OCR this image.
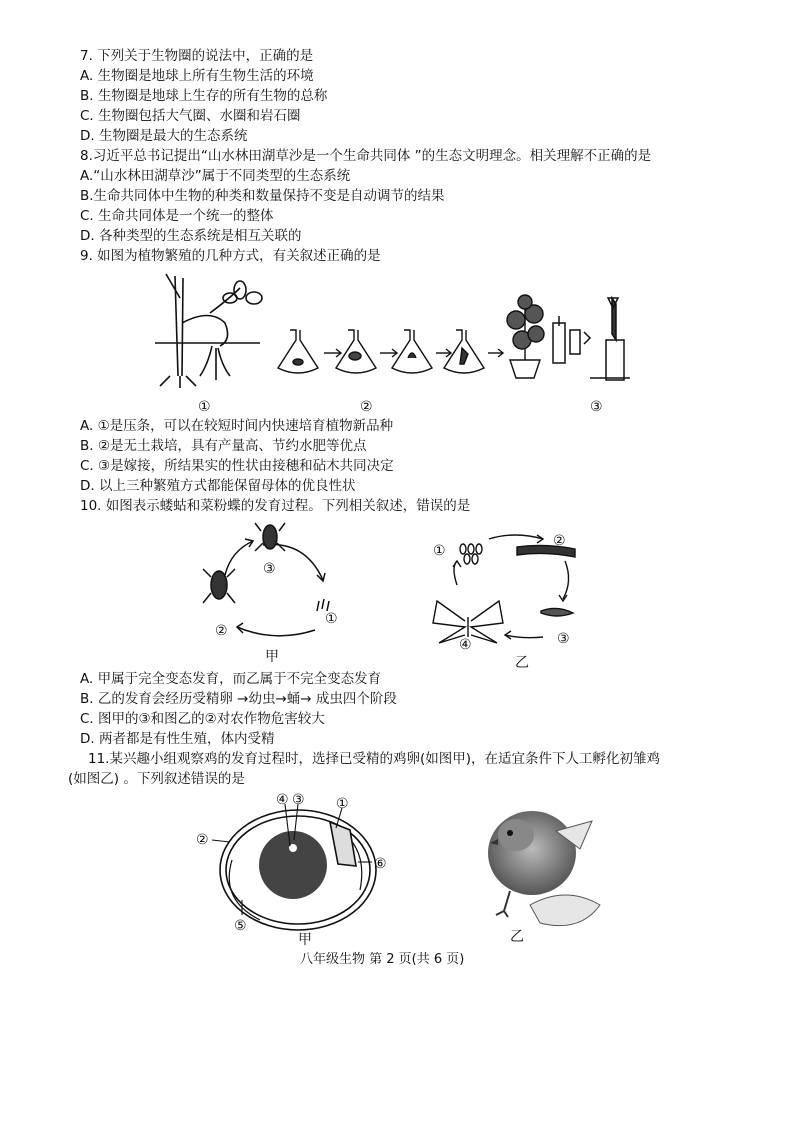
7. 下列关于生物圈的说法中，正确的是
A. 生物圈是地球上所有生物生活的环境
B. 生物圈是地球上生存的所有生物的总称
C. 生物圈包括大气圈、水圈和岩石圈
D. 生物圈是最大的生态系统
8.习近平总书记提出“山水林田湖草沙是一个生命共同体 ”的生态文明理念。相关理解不正确的是
A.“山水林田湖草沙”属于不同类型的生态系统
B.生命共同体中生物的种类和数量保持不变是自动调节的结果
C. 生命共同体是一个统一的整体
D. 各种类型的生态系统是相互关联的
9. 如图为植物繁殖的几种方式，有关叙述正确的是
①	②	③
A. ①是压条，可以在较短时间内快速培育植物新品种
B. ②是无土栽培，具有产量高、节约水肥等优点
C. ③是嫁接，所结果实的性状由接穗和砧木共同决定
D. 以上三种繁殖方式都能保留母体的优良性状
10. 如图表示蝼蛄和菜粉蝶的发育过程。下列相关叙述，错误的是
③
①
②
甲
①
②
③
④
乙
A. 甲属于完全变态发育，而乙属于不完全变态发育
B. 乙的发育会经历受精卵 →幼虫→蛹→ 成虫四个阶段
C. 图甲的③和图乙的②对农作物危害较大
D. 两者都是有性生殖，体内受精
11.某兴趣小组观察鸡的发育过程时，选择已受精的鸡卵(如图甲)，在适宜条件下人工孵化初雏鸡
(如图乙) 。下列叙述错误的是
④ ③ ①
②
⑥
⑤
甲	乙
八年级生物 第 2 页(共 6 页)
